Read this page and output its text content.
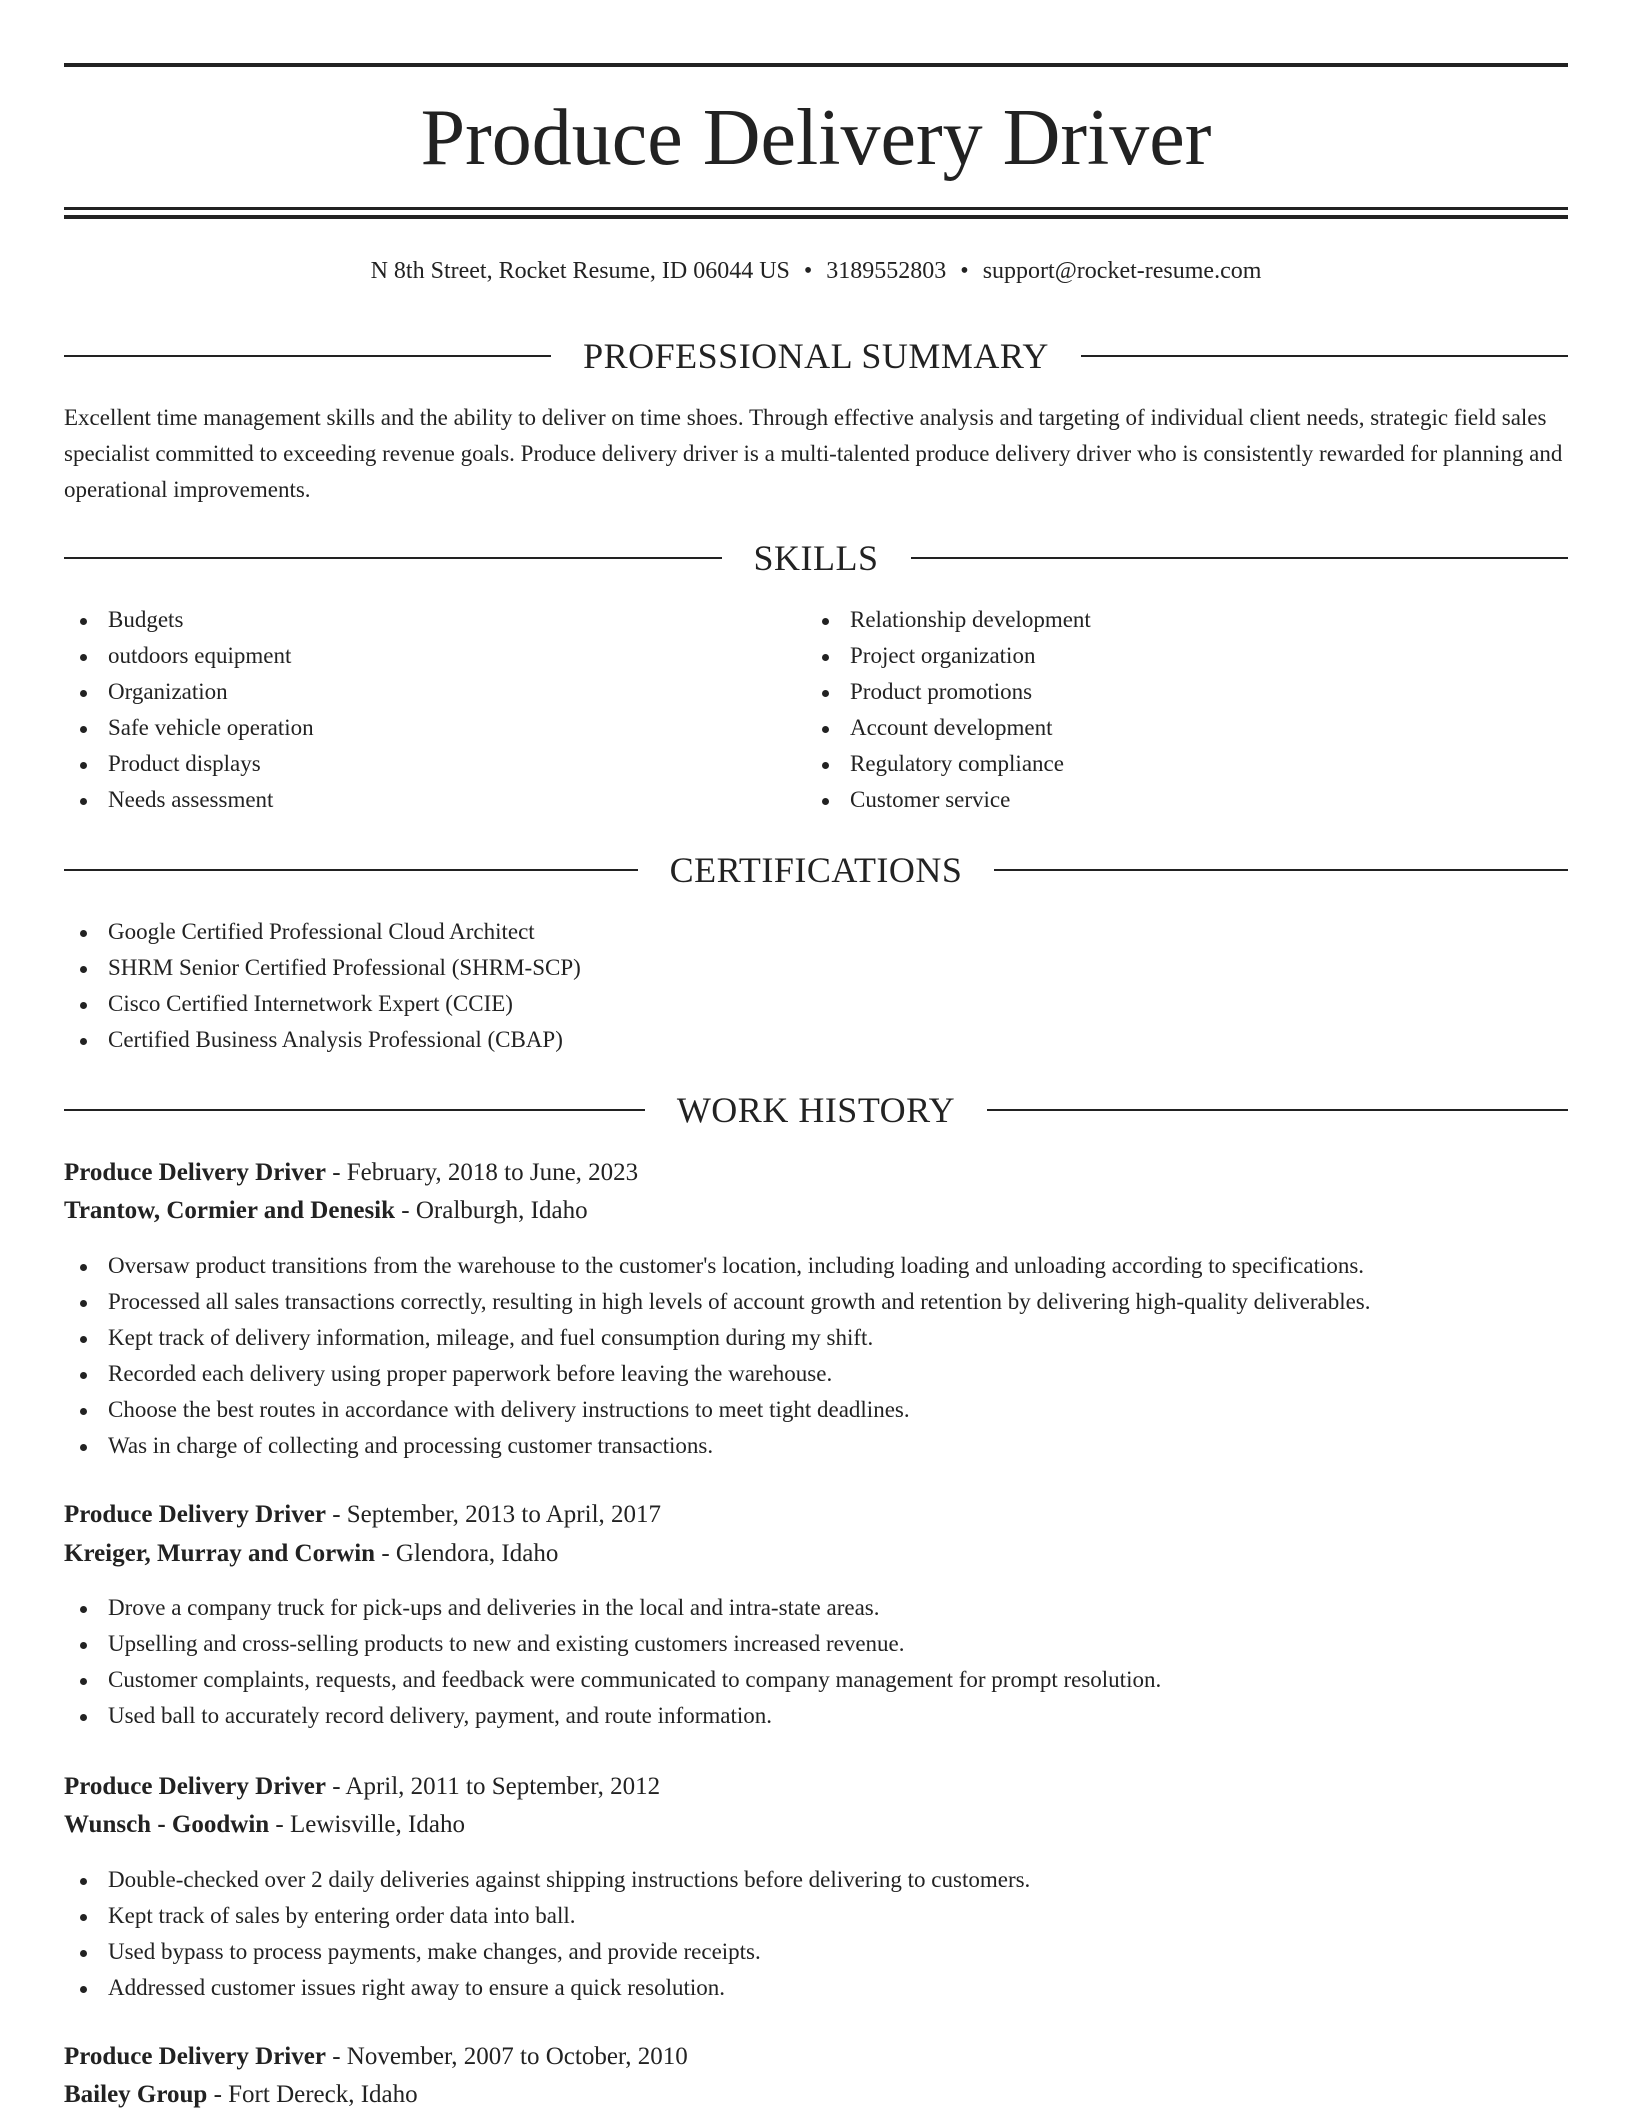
Produce Delivery Driver
N 8th Street, Rocket Resume, ID 06044 US • 3189552803 • support@rocket-resume.com
PROFESSIONAL SUMMARY

Excellent time management skills and the ability to deliver on time shoes. Through effective analysis and targeting of individual client needs, strategic field sales specialist committed to exceeding revenue goals. Produce delivery driver is a multi-talented produce delivery driver who is consistently rewarded for planning and operational improvements.

SKILLS
Budgets
outdoors equipment
Organization
Safe vehicle operation
Product displays
Needs assessment
Relationship development
Project organization
Product promotions
Account development
Regulatory compliance
Customer service
CERTIFICATIONS
Google Certified Professional Cloud Architect
SHRM Senior Certified Professional (SHRM-SCP)
Cisco Certified Internetwork Expert (CCIE)
Certified Business Analysis Professional (CBAP)
WORK HISTORY
Produce Delivery Driver - February, 2018 to June, 2023
Trantow, Cormier and Denesik - Oralburgh, Idaho
Oversaw product transitions from the warehouse to the customer's location, including loading and unloading according to specifications.
Processed all sales transactions correctly, resulting in high levels of account growth and retention by delivering high-quality deliverables.
Kept track of delivery information, mileage, and fuel consumption during my shift.
Recorded each delivery using proper paperwork before leaving the warehouse.
Choose the best routes in accordance with delivery instructions to meet tight deadlines.
Was in charge of collecting and processing customer transactions.
Produce Delivery Driver - September, 2013 to April, 2017
Kreiger, Murray and Corwin - Glendora, Idaho
Drove a company truck for pick-ups and deliveries in the local and intra-state areas.
Upselling and cross-selling products to new and existing customers increased revenue.
Customer complaints, requests, and feedback were communicated to company management for prompt resolution.
Used ball to accurately record delivery, payment, and route information.
Produce Delivery Driver - April, 2011 to September, 2012
Wunsch - Goodwin - Lewisville, Idaho
Double-checked over 2 daily deliveries against shipping instructions before delivering to customers.
Kept track of sales by entering order data into ball.
Used bypass to process payments, make changes, and provide receipts.
Addressed customer issues right away to ensure a quick resolution.
Produce Delivery Driver - November, 2007 to October, 2010
Bailey Group - Fort Dereck, Idaho
